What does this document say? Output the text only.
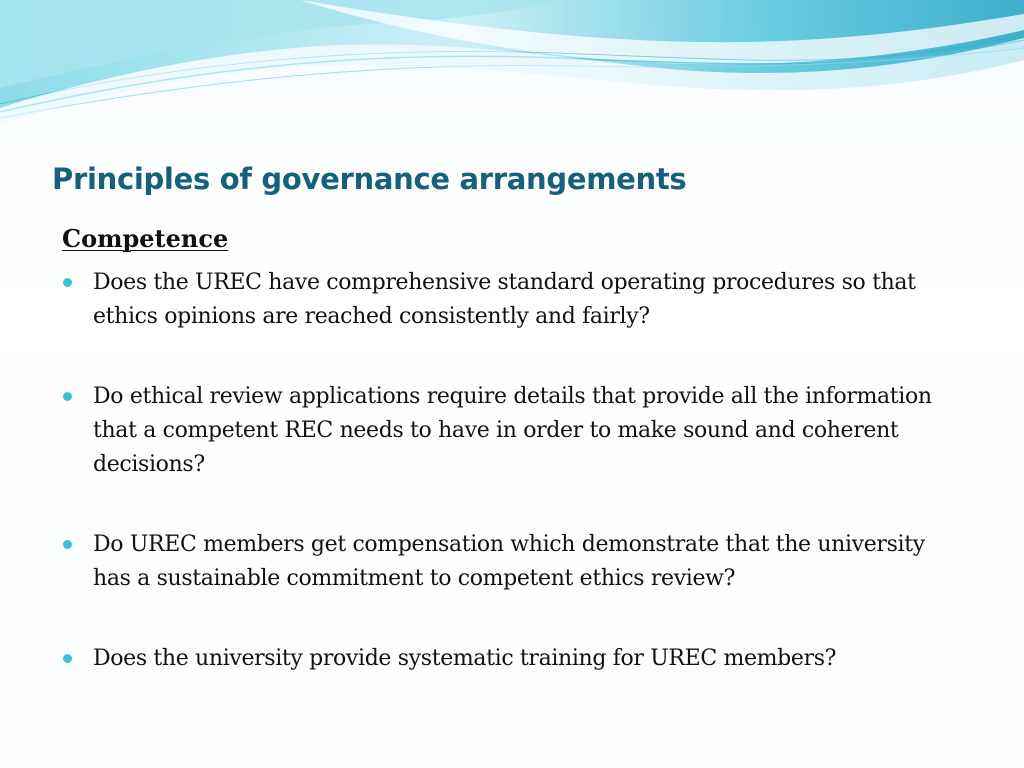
Principles of governance arrangements
Competence
Does the UREC have comprehensive standard operating procedures so that ethics opinions are reached consistently and fairly?
Do ethical review applications require details that provide all the information that a competent REC needs to have in order to make sound and coherent decisions?
Do UREC members get compensation which demonstrate that the university has a sustainable commitment to competent ethics review?
Does the university provide systematic training for UREC members?
